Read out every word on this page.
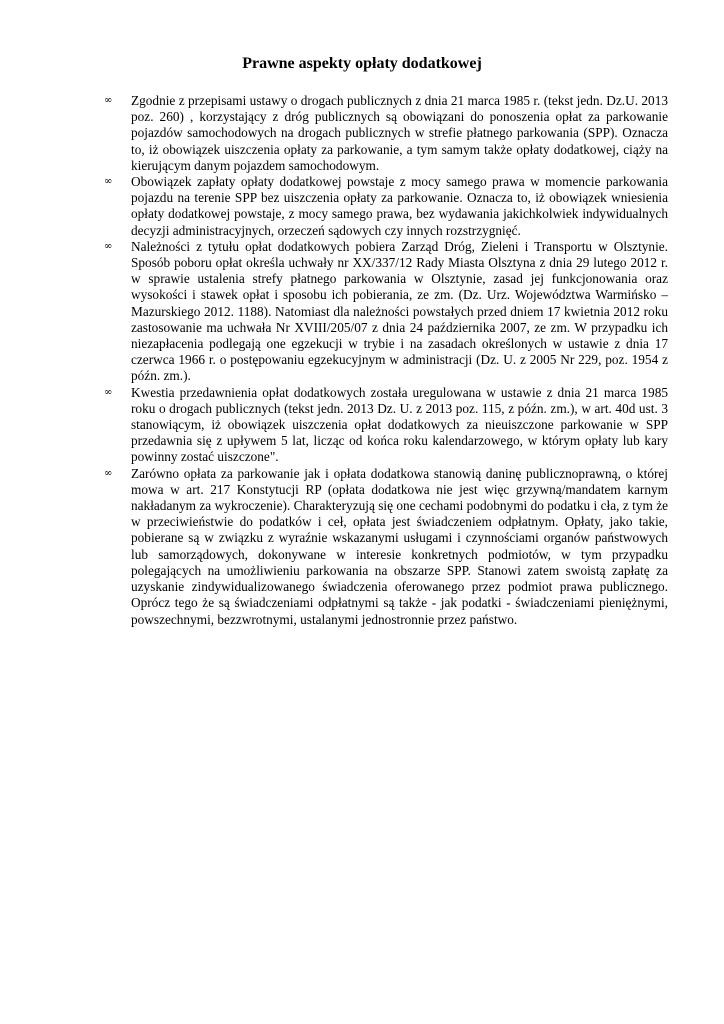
Prawne aspekty opłaty dodatkowej
∞	Zgodnie z przepisami ustawy o drogach publicznych z dnia 21 marca 1985 r. (tekst jedn. Dz.U. 2013 poz. 260) , korzystający z dróg publicznych są obowiązani do ponoszenia opłat za parkowanie pojazdów samochodowych na drogach publicznych w strefie płatnego parkowania (SPP). Oznacza to, iż obowiązek uiszczenia opłaty za parkowanie, a tym samym także opłaty dodatkowej, ciąży na kierującym danym pojazdem samochodowym.
∞	Obowiązek zapłaty opłaty dodatkowej powstaje z mocy samego prawa w momencie parkowania pojazdu na terenie SPP bez uiszczenia opłaty za parkowanie. Oznacza to, iż obowiązek wniesienia opłaty dodatkowej powstaje, z mocy samego prawa, bez wydawania jakichkolwiek indywidualnych decyzji administracyjnych, orzeczeń sądowych czy innych rozstrzygnięć.
∞	Należności z tytułu opłat dodatkowych pobiera Zarząd Dróg, Zieleni i Transportu w Olsztynie. Sposób poboru opłat określa uchwały nr XX/337/12 Rady Miasta Olsztyna z dnia 29 lutego 2012 r. w sprawie ustalenia strefy płatnego parkowania w Olsztynie, zasad jej funkcjonowania oraz wysokości i stawek opłat i sposobu ich pobierania, ze zm. (Dz. Urz. Województwa Warmińsko – Mazurskiego 2012. 1188). Natomiast dla należności powstałych przed dniem 17 kwietnia 2012 roku zastosowanie ma uchwała Nr XVIII/205/07 z dnia 24 października 2007, ze zm. W przypadku ich niezapłacenia podlegają one egzekucji w trybie i na zasadach określonych w ustawie z dnia 17 czerwca 1966 r. o postępowaniu egzekucyjnym w administracji (Dz. U. z 2005 Nr 229, poz. 1954 z późn. zm.).
∞	Kwestia przedawnienia opłat dodatkowych została uregulowana w ustawie z dnia 21 marca 1985 roku o drogach publicznych (tekst jedn. 2013 Dz. U. z 2013 poz. 115, z późn. zm.), w art. 40d ust. 3 stanowiącym, iż obowiązek uiszczenia opłat dodatkowych za nieuiszczone parkowanie w SPP przedawnia się z upływem 5 lat, licząc od końca roku kalendarzowego, w którym opłaty lub kary powinny zostać uiszczone".
∞	Zarówno opłata za parkowanie jak i opłata dodatkowa stanowią daninę publicznoprawną, o której mowa w art. 217 Konstytucji RP (opłata dodatkowa nie jest więc grzywną/mandatem karnym nakładanym za wykroczenie). Charakteryzują się one cechami podobnymi do podatku i cła, z tym że w przeciwieństwie do podatków i ceł, opłata jest świadczeniem odpłatnym. Opłaty, jako takie, pobierane są w związku z wyraźnie wskazanymi usługami i czynnościami organów państwowych lub samorządowych, dokonywane w interesie konkretnych podmiotów, w tym przypadku polegających na umożliwieniu parkowania na obszarze SPP. Stanowi zatem swoistą zapłatę za uzyskanie zindywidualizowanego świadczenia oferowanego przez podmiot prawa publicznego. Oprócz tego że są świadczeniami odpłatnymi są także - jak podatki - świadczeniami pieniężnymi, powszechnymi, bezzwrotnymi, ustalanymi jednostronnie przez państwo.
